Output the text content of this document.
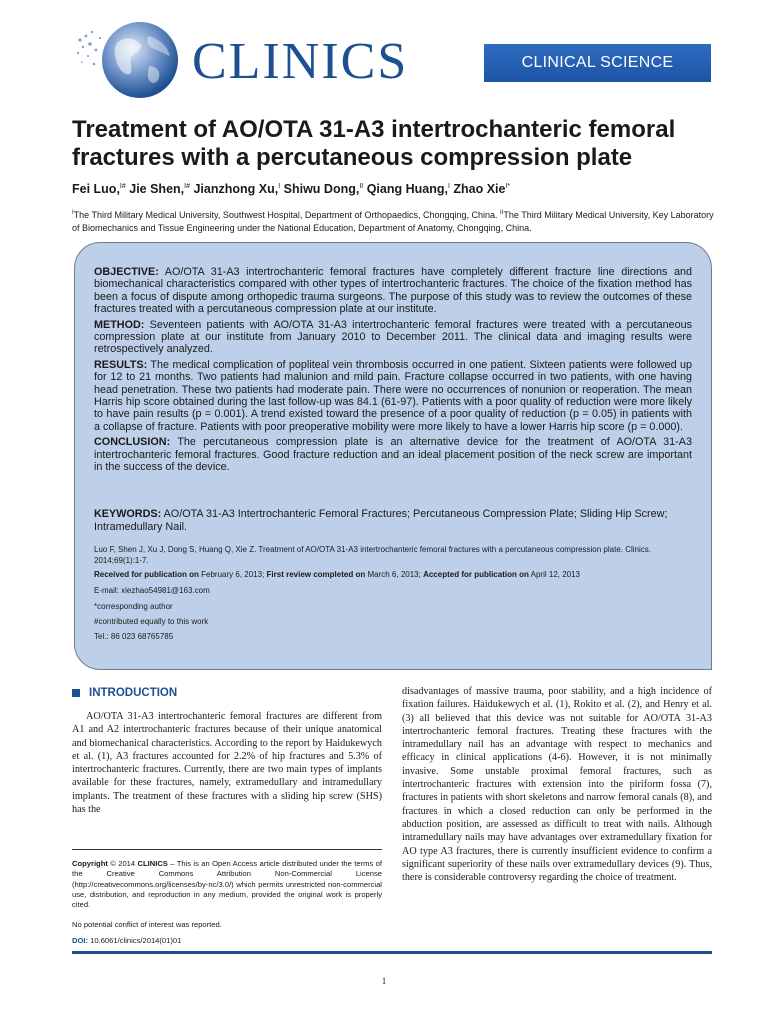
CLINICS	CLINICAL SCIENCE
Treatment of AO/OTA 31-A3 intertrochanteric femoral fractures with a percutaneous compression plate
Fei Luo,$^{I\#}$ Jie Shen,$^{I\#}$ Jianzhong Xu,$^I$ Shiwu Dong,$^{II}$ Qiang Huang,$^I$ Zhao Xie$^{I*}$
$^I$The Third Military Medical University, Southwest Hospital, Department of Orthopaedics, Chongqing, China. $^{II}$The Third Military Medical University, Key Laboratory of Biomechanics and Tissue Engineering under the National Education, Department of Anatomy, Chongqing, China.

OBJECTIVE: AO/OTA 31-A3 intertrochanteric femoral fractures have completely different fracture line directions and biomechanical characteristics compared with other types of intertrochanteric fractures. The choice of the fixation method has been a focus of dispute among orthopedic trauma surgeons. The purpose of this study was to review the outcomes of these fractures treated with a percutaneous compression plate at our institute.

METHOD: Seventeen patients with AO/OTA 31-A3 intertrochanteric femoral fractures were treated with a percutaneous compression plate at our institute from January 2010 to December 2011. The clinical data and imaging results were retrospectively analyzed.

RESULTS: The medical complication of popliteal vein thrombosis occurred in one patient. Sixteen patients were followed up for 12 to 21 months. Two patients had malunion and mild pain. Fracture collapse occurred in two patients, with one having head penetration. These two patients had moderate pain. There were no occurrences of nonunion or reoperation. The mean Harris hip score obtained during the last follow-up was 84.1 (61-97). Patients with a poor quality of reduction were more likely to have pain results (p = 0.001). A trend existed toward the presence of a poor quality of reduction (p = 0.05) in patients with a collapse of fracture. Patients with poor preoperative mobility were more likely to have a lower Harris hip score (p = 0.000).

CONCLUSION: The percutaneous compression plate is an alternative device for the treatment of AO/OTA 31-A3 intertrochanteric femoral fractures. Good fracture reduction and an ideal placement position of the neck screw are important in the success of the device.

KEYWORDS: AO/OTA 31-A3 Intertrochanteric Femoral Fractures; Percutaneous Compression Plate; Sliding Hip Screw; Intramedullary Nail.
Luo F, Shen J, Xu J, Dong S, Huang Q, Xie Z. Treatment of AO/OTA 31-A3 intertrochanteric femoral fractures with a percutaneous compression plate. Clinics. 2014;69(1):1-7.
Received for publication on February 6, 2013; First review completed on March 6, 2013; Accepted for publication on April 12, 2013
E-mail: xiezhao54981@163.com
*corresponding author
#contributed equally to this work
Tel.: 86 023 68765785
INTRODUCTION
AO/OTA 31-A3 intertrochanteric femoral fractures are different from A1 and A2 intertrochanteric fractures because of their unique anatomical and biomechanical characteristics. According to the report by Haidukewych et al. (1), A3 fractures accounted for 2.2% of hip fractures and 5.3% of intertrochanteric fractures. Currently, there are two main types of implants available for these fractures, namely, extramedullary and intramedullary implants. The treatment of these fractures with a sliding hip screw (SHS) has the
disadvantages of massive trauma, poor stability, and a high incidence of fixation failures. Haidukewych et al. (1), Rokito et al. (2), and Henry et al. (3) all believed that this device was not suitable for AO/OTA 31-A3 intertrochanteric femoral fractures. Treating these fractures with the intramedullary nail has an advantage with respect to mechanics and efficacy in clinical applications (4-6). However, it is not minimally invasive. Some unstable proximal femoral fractures, such as intertrochanteric fractures with extension into the piriform fossa (7), fractures in patients with short skeletons and narrow femoral canals (8), and fractures in which a closed reduction can only be performed in the abduction position, are assessed as difficult to treat with nails. Although intramedullary nails may have advantages over extramedullary fixation for AO type A3 fractures, there is currently insufficient evidence to confirm a significant superiority of these nails over extramedullary devices (9). Thus, there is considerable controversy regarding the choice of treatment.
Copyright © 2014 CLINICS – This is an Open Access article distributed under the terms of the Creative Commons Attribution Non-Commercial License (http://creativecommons.org/licenses/by-nc/3.0/) which permits unrestricted non-commercial use, distribution, and reproduction in any medium, provided the original work is properly cited.
No potential conflict of interest was reported.
DOI: 10.6061/clinics/2014(01)01
1
